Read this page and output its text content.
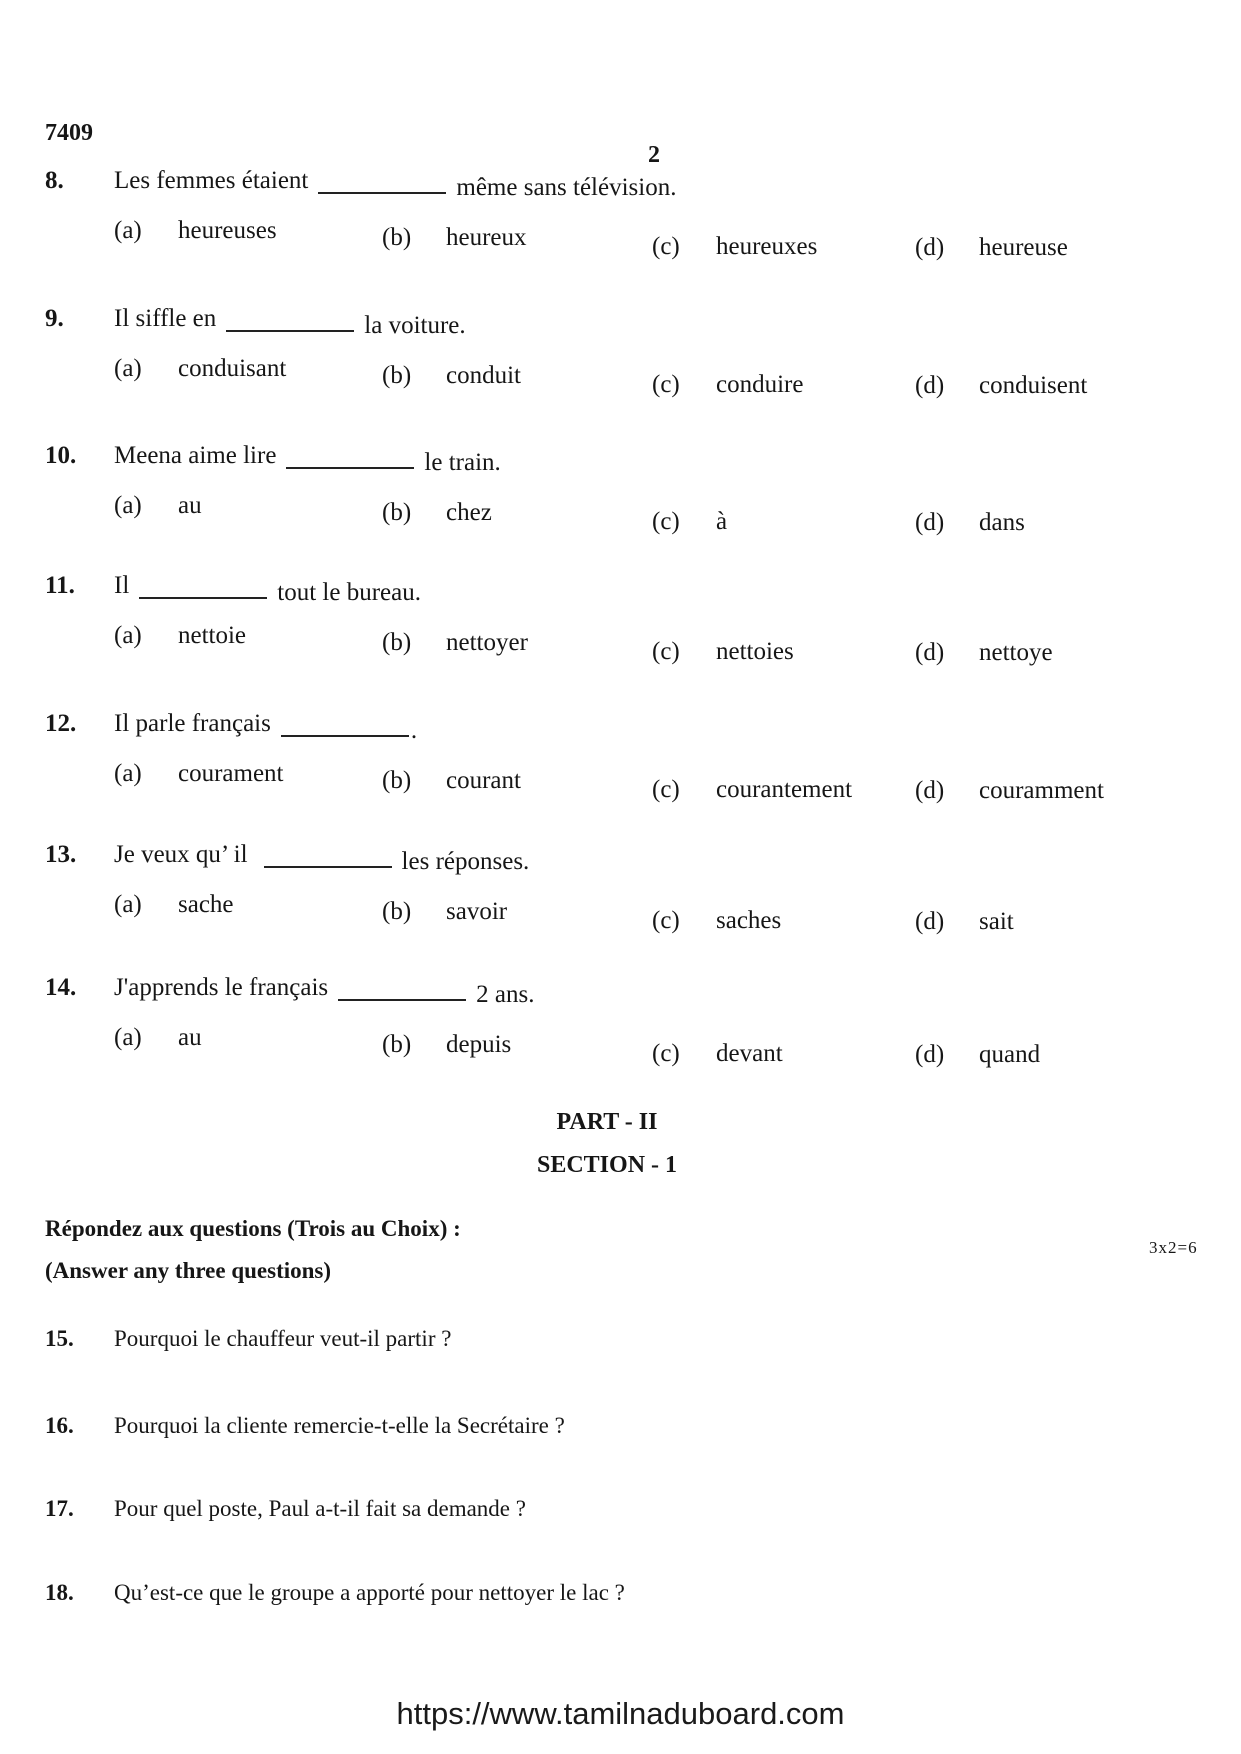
7409
2
8. Les femmes étaient	même sans télévision.
(a) heureuses	(b) heureux	(c) heureuxes	(d) heureuse
9. Il siffle en	la voiture.
(a) conduisant	(b) conduit	(c) conduire	(d) conduisent
10. Meena aime lire	le train.
(a) au	(b) chez	(c) à	(d) dans
11. Il	tout le bureau.
(a) nettoie	(b) nettoyer	(c) nettoies	(d) nettoye
12. Il parle français	.
(a) courament	(b) courant	(c) courantement	(d) couramment
13. Je veux qu’ il	les réponses.
(a) sache	(b) savoir	(c) saches	(d) sait
14. J'apprends le français	2 ans.
(a) au	(b) depuis	(c) devant	(d) quand
PART - II
SECTION - 1
Répondez aux questions (Trois au Choix) :
(Answer any three questions)
3x2=6
15. Pourquoi le chauffeur veut-il partir ?
16. Pourquoi la cliente remercie-t-elle la Secrétaire ?
17. Pour quel poste, Paul a-t-il fait sa demande ?
18. Qu’est-ce que le groupe a apporté pour nettoyer le lac ?
https://www.tamilnaduboard.com
